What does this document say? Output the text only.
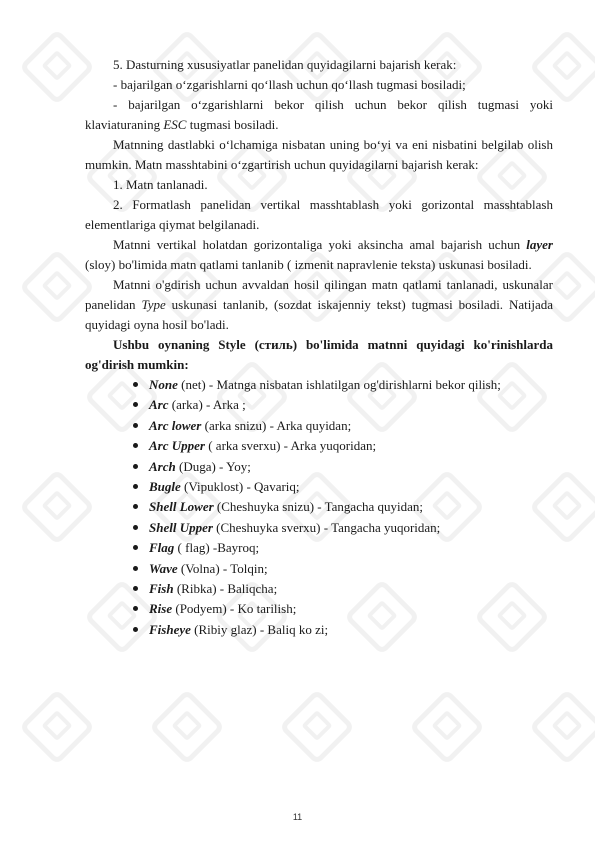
5. Dasturning xususiyatlar panelidan quyidagilarni bajarish kerak:

- bajarilgan o‘zgarishlarni qo‘llash uchun qo‘llash tugmasi bosiladi;

- bajarilgan o‘zgarishlarni bekor qilish uchun bekor qilish tugmasi yoki klaviaturaning ESC tugmasi bosiladi.

Matnning dastlabki o‘lchamiga nisbatan uning bo‘yi va eni nisbatini belgilab olish mumkin. Matn masshtabini o‘zgartirish uchun quyidagilarni bajarish kerak:

1. Matn tanlanadi.

2. Formatlash panelidan vertikal masshtablash yoki gorizontal masshtablash elementlariga qiymat belgilanadi.

Matnni vertikal holatdan gorizontaliga yoki aksincha amal bajarish uchun layer (sloy) bo'limida matn qatlami tanlanib ( izmenit napravlenie teksta) uskunasi bosiladi.

Matnni o'gdirish uchun avvaldan hosil qilingan matn qatlami tanlanadi, uskunalar panelidan Type uskunasi tanlanib, (sozdat iskajenniy tekst) tugmasi bosiladi. Natijada quyidagi oyna hosil bo'ladi.

Ushbu oynaning Style (стиль) bo'limida matnni quyidagi ko'rinishlarda og'dirish mumkin:

None (net) - Matnga nisbatan ishlatilgan og'dirishlarni bekor qilish;
Arc (arka) - Arka ;
Arc lower (arka snizu) - Arka quyidan;
Arc Upper ( arka sverxu) - Arka yuqoridan;
Arch (Duga) - Yoy;
Bugle (Vipuklost) - Qavariq;
Shell Lower (Cheshuyka snizu) - Tangacha quyidan;
Shell Upper (Cheshuyka sverxu) - Tangacha yuqoridan;
Flag ( flag) -Bayroq;
Wave (Volna) - Tolqin;
Fish (Ribka) - Baliqcha;
Rise (Podyem) - Ko tarilish;
Fisheye (Ribiy glaz) - Baliq ko zi;
11
